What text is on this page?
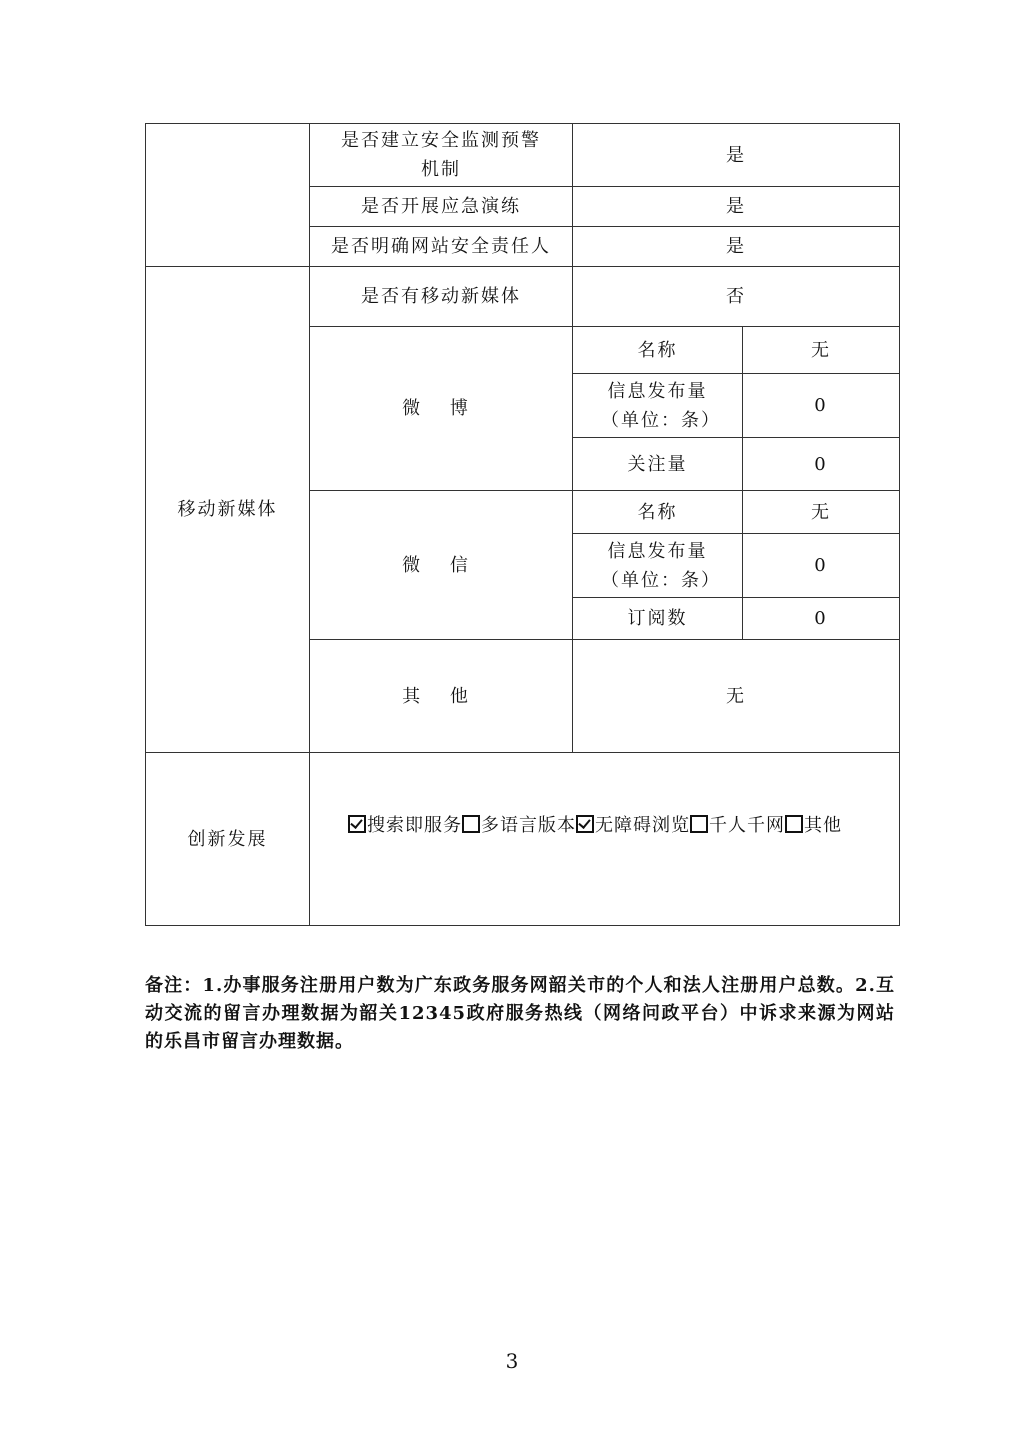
	是否建立安全监测预警机制	是	
	是否开展应急演练	是	
	是否明确网站安全责任人	是	
移动新媒体	是否有移动新媒体	否	
	微 博	名称	无

		信息发布量（单位：条）	0
		关注量	0
	微 信	名称	无

		信息发布量（单位：条）	0
		订阅数	0
	其 他	无	
创新发展	搜索即服务 多语言版本 无障碍浏览 千人千网 其他		
备注：1.办事服务注册用户数为广东政务服务网韶关市的个人和法人注册用户总数。2.互动交流的留言办理数据为韶关12345政府服务热线（网络问政平台）中诉求来源为网站的乐昌市留言办理数据。
3
